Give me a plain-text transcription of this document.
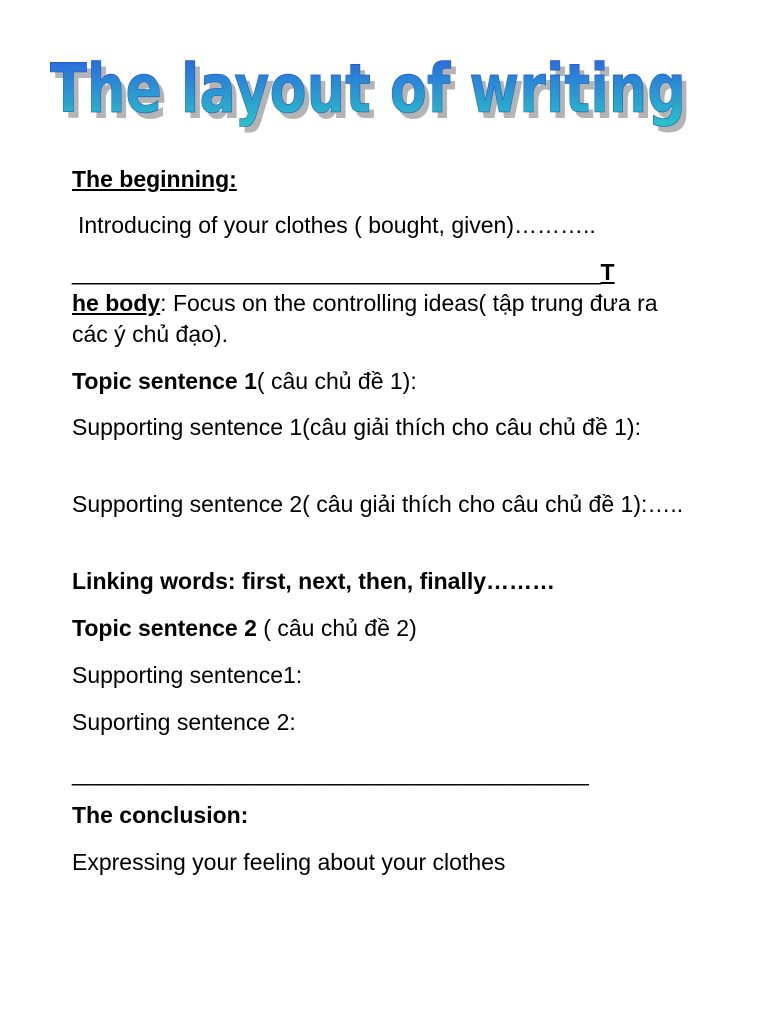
The layout of writing
The layout of writing
The beginning:
Introducing of your clothes ( bought, given)………..
___________________________________________T
he body: Focus on the controlling ideas( tập trung đưa ra các ý chủ đạo).
Topic sentence 1( câu chủ đề 1):
Supporting sentence 1(câu giải thích cho câu chủ đề 1):
Supporting sentence 2( câu giải thích cho câu chủ đề 1):…..
Linking words: first, next, then, finally………
Topic sentence 2 ( câu chủ đề 2)
Supporting sentence1:
Suporting sentence 2:
__________________________________________
The conclusion:
Expressing your feeling about your clothes
